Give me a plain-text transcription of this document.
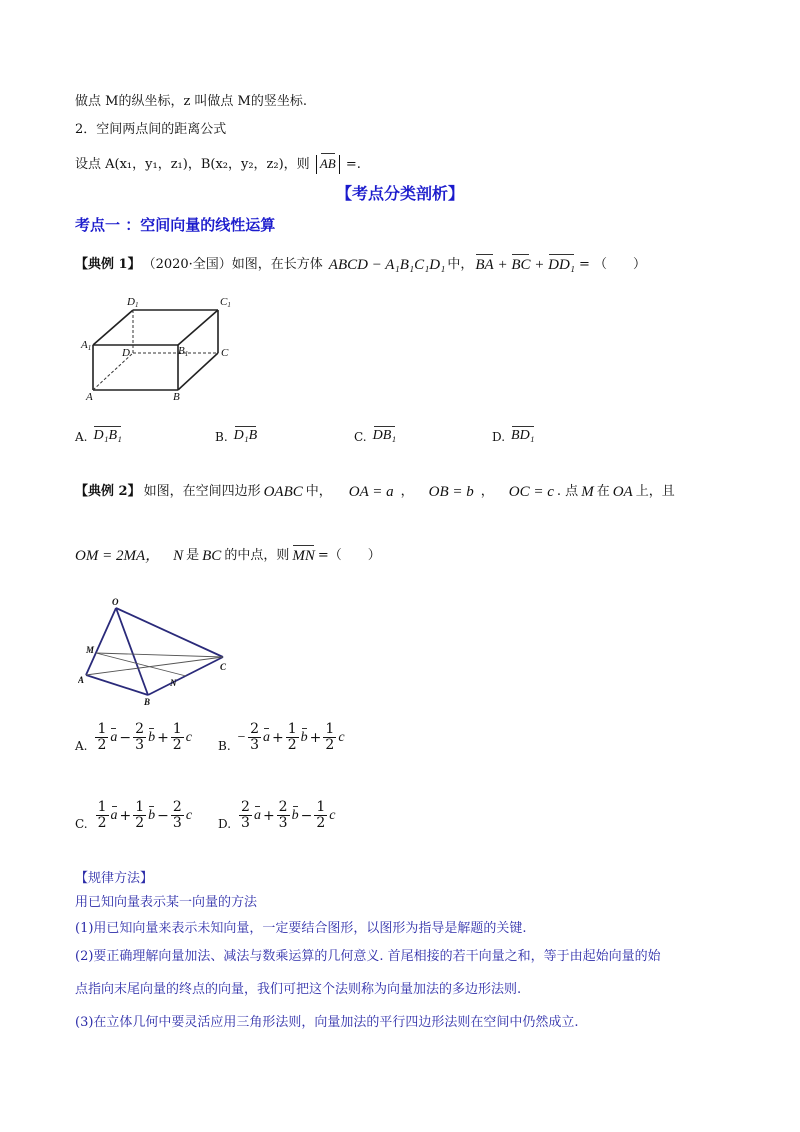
做点 M的纵坐标，z 叫做点 M的竖坐标.
2．空间两点间的距离公式
设点 A(x₁，y₁，z₁)，B(x₂，y₂，z₂)，则 AB =.
【考点分类剖析】
考点一 ：空间向量的线性运算
【典例 1】 （2020·全国）如图，在长方体 ABCD − A₁B₁C₁D₁ 中， BA + BC + DD₁ = （　　）
D1	C1
A1	D	B1	C
A	B
A. D₁B₁	B. D₁B	C. DB₁	D. BD₁
【典例 2】 如图，在空间四边形 OABC 中， OA = a ， OB = b ， OC = c . 点 M 在 OA 上，且
OM = 2MA， N 是 BC 的中点，则 MN =（　　）
O
M
C
A	N
B
A.
1
2 $a - \frac{2}{3}$ $b + \frac{1}{2}$ c
B.
− $\frac{2}{3}$ $a + \frac{1}{2}$ $b + \frac{1}{2}$ c
C.
1
2 $a + \frac{1}{2}$ $b - \frac{2}{3}$ c
D.
2
3 $a + \frac{2}{3}$ $b - \frac{1}{2}$ c
【规律方法】
用已知向量表示某一向量的方法
(1)用已知向量来表示未知向量，一定要结合图形，以图形为指导是解题的关键.
(2)要正确理解向量加法、减法与数乘运算的几何意义. 首尾相接的若干向量之和，等于由起始向量的始
点指向末尾向量的终点的向量，我们可把这个法则称为向量加法的多边形法则.
(3)在立体几何中要灵活应用三角形法则，向量加法的平行四边形法则在空间中仍然成立.
